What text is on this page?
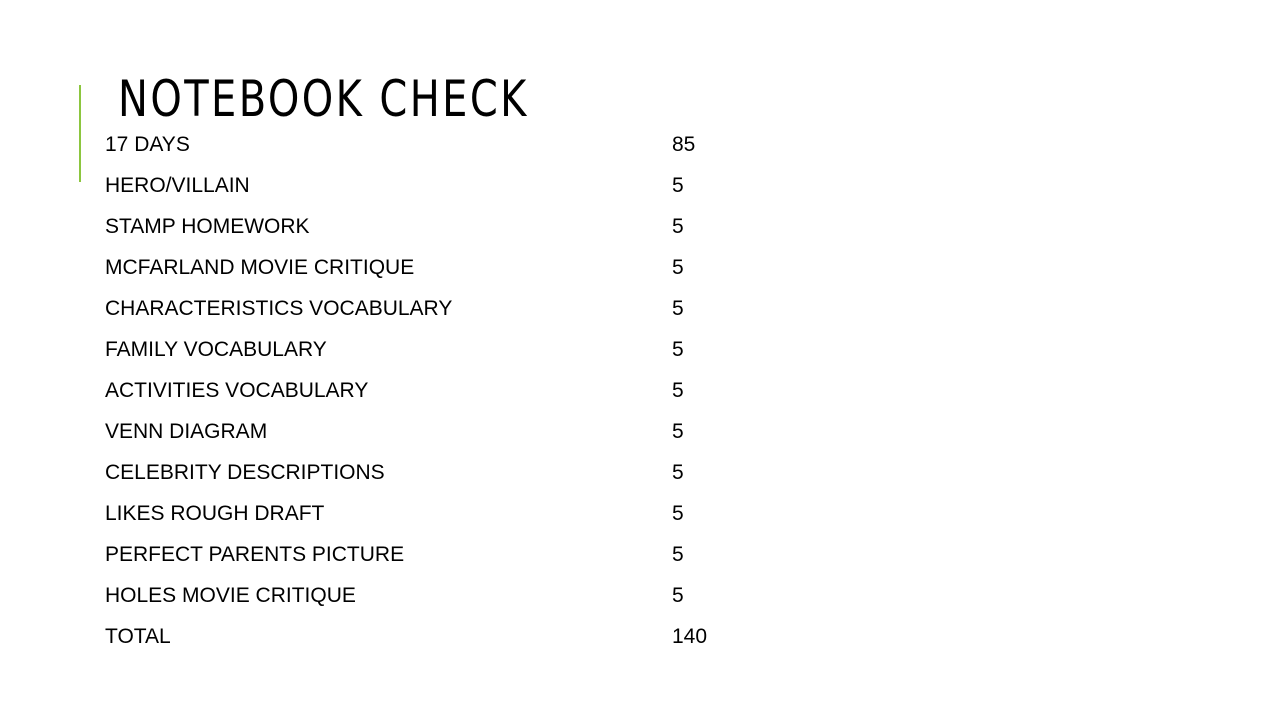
NOTEBOOK CHECK
17 DAYS	85
HERO/VILLAIN	5
STAMP HOMEWORK	5
MCFARLAND MOVIE CRITIQUE	5
CHARACTERISTICS VOCABULARY	5
FAMILY VOCABULARY	5
ACTIVITIES VOCABULARY	5
VENN DIAGRAM	5
CELEBRITY DESCRIPTIONS	5
LIKES ROUGH DRAFT	5
PERFECT PARENTS PICTURE	5
HOLES MOVIE CRITIQUE	5
TOTAL	140
